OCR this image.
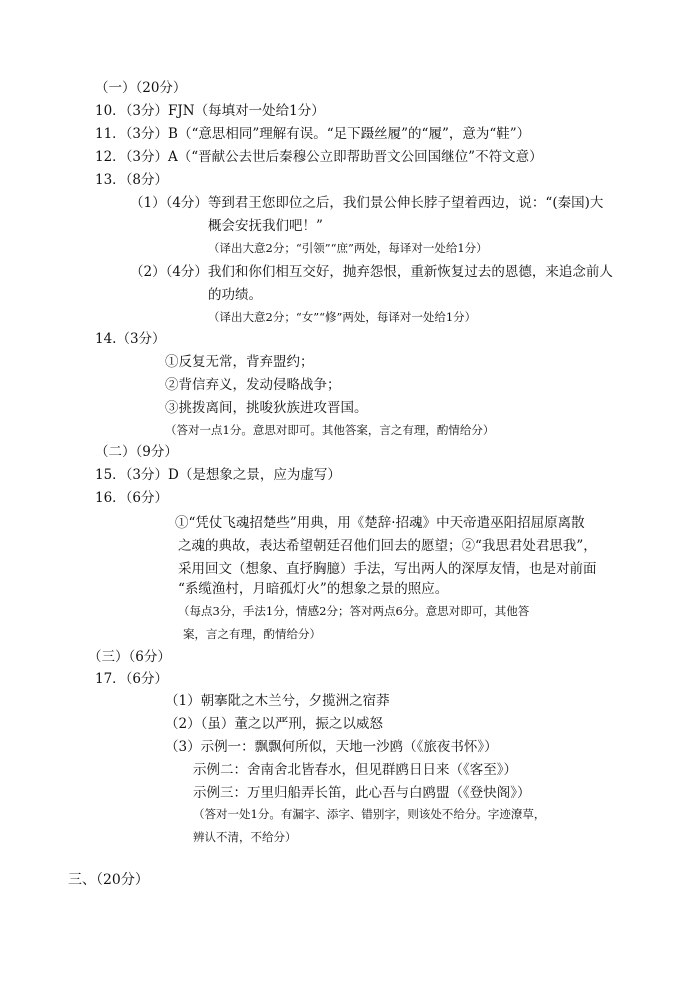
（一）（20分）
10．（3分）FJN（每填对一处给1分）
11．（3分）B（“意思相同”理解有误。“足下蹑丝履”的“履”，意为“鞋”）
12．（3分）A（“晋献公去世后秦穆公立即帮助晋文公回国继位”不符文意）
13．（8分）
（1）（4分）等到君王您即位之后，我们景公伸长脖子望着西边，说：“(秦国)大
概会安抚我们吧！”
（译出大意2分；“引领”“庶”两处，每译对一处给1分）
（2）（4分）我们和你们相互交好，抛弃怨恨，重新恢复过去的恩德，来追念前人
的功绩。
（译出大意2分；“女”“修”两处，每译对一处给1分）
14.（3分）
①反复无常，背弃盟约；
②背信弃义，发动侵略战争；
③挑拨离间，挑唆狄族进攻晋国。
（答对一点1分。意思对即可。其他答案，言之有理，酌情给分）
（二）（9分）
15．（3分）D（是想象之景，应为虚写）
16．（6分）
①“凭仗飞魂招楚些”用典，用《楚辞·招魂》中天帝遣巫阳招屈原离散
之魂的典故，表达希望朝廷召他们回去的愿望；②“我思君处君思我”，
采用回文（想象、直抒胸臆）手法，写出两人的深厚友情，也是对前面
“系缆渔村，月暗孤灯火”的想象之景的照应。
（每点3分，手法1分，情感2分；答对两点6分。意思对即可，其他答
案，言之有理，酌情给分）
（三）（6分）
17．（6分）
（1）朝搴阰之木兰兮，夕揽洲之宿莽
（2）（虽）董之以严刑，振之以威怒
（3）示例一：飘飘何所似，天地一沙鸥（《旅夜书怀》）
示例二：舍南舍北皆春水，但见群鸥日日来（《客至》）
示例三：万里归船弄长笛，此心吾与白鸥盟（《登快阁》）
（答对一处1分。有漏字、添字、错别字，则该处不给分。字迹潦草，
辨认不清，不给分）
三、（20分）
